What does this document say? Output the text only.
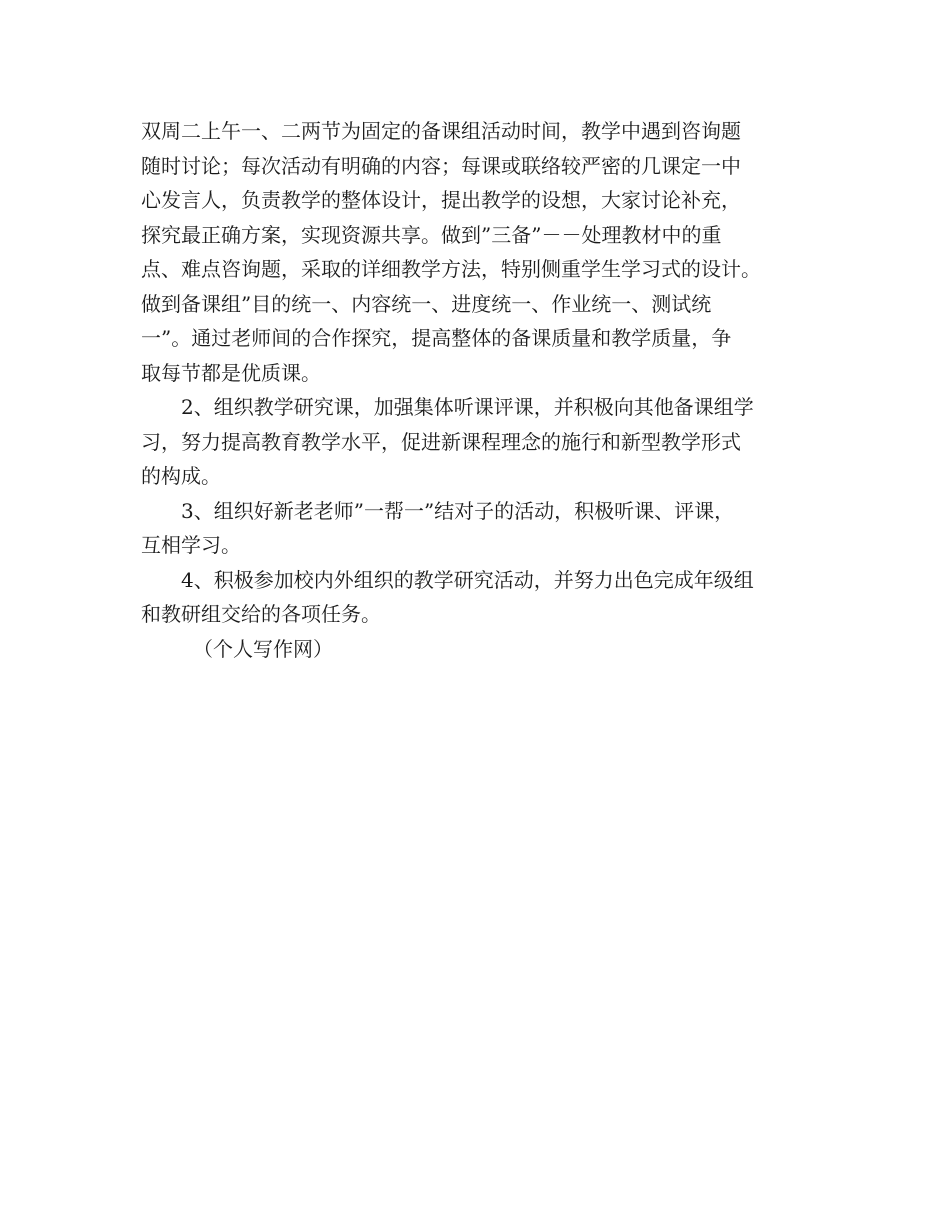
双周二上午一、二两节为固定的备课组活动时间，教学中遇到咨询题
随时讨论；每次活动有明确的内容；每课或联络较严密的几课定一中
心发言人，负责教学的整体设计，提出教学的设想，大家讨论补充，
探究最正确方案，实现资源共享。做到”三备”－－处理教材中的重
点、难点咨询题，采取的详细教学方法，特别侧重学生学习式的设计。
做到备课组”目的统一、内容统一、进度统一、作业统一、测试统
一”。通过老师间的合作探究，提高整体的备课质量和教学质量，争
取每节都是优质课。
2、组织教学研究课，加强集体听课评课，并积极向其他备课组学
习，努力提高教育教学水平，促进新课程理念的施行和新型教学形式
的构成。
3、组织好新老老师”一帮一”结对子的活动，积极听课、评课，
互相学习。
4、积极参加校内外组织的教学研究活动，并努力出色完成年级组
和教研组交给的各项任务。
（个人写作网）
